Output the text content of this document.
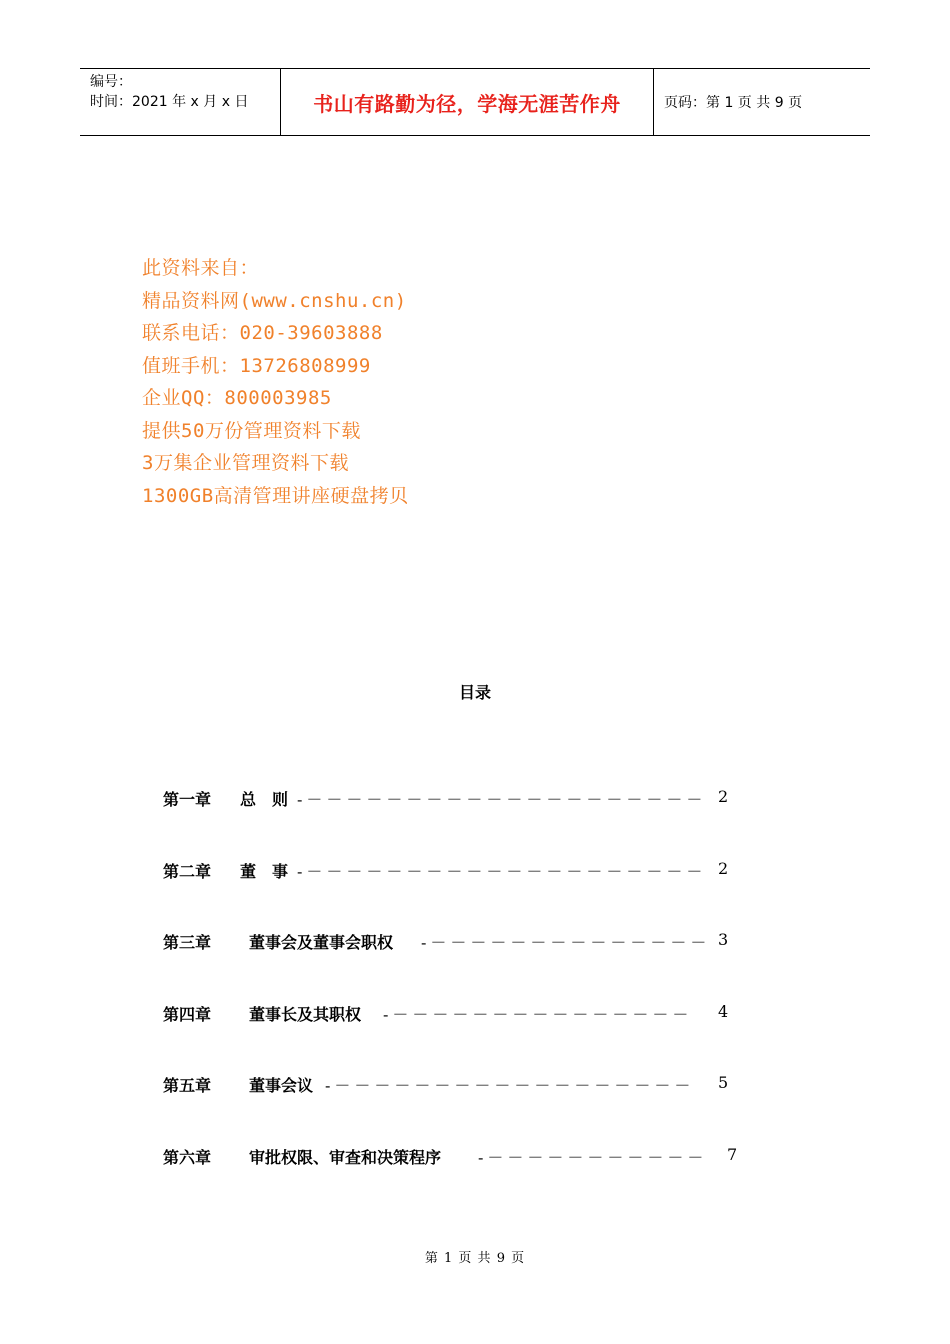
编号：
时间：2021 年 x 月 x 日	书山有路勤为径，学海无涯苦作舟	页码：第 1 页 共 9 页
此资料来自：
精品资料网(www.cnshu.cn)
联系电话：020-39603888
值班手机：13726808999
企业QQ：800003985
提供50万份管理资料下载
3万集企业管理资料下载
1300GB高清管理讲座硬盘拷贝
目录
第一章 总　则 -－－－－－－－－－－－－－－－－－－－－ 2
第二章 董　事 -－－－－－－－－－－－－－－－－－－－－ 2
第三章 董事会及董事会职权 -－－－－－－－－－－－－－－ 3
第四章 董事长及其职权 -－－－－－－－－－－－－－－－ 4
第五章 董事会议 -－－－－－－－－－－－－－－－－－－ 5
第六章 审批权限、审查和决策程序 -－－－－－－－－－－－ 7
第 1 页 共 9 页
